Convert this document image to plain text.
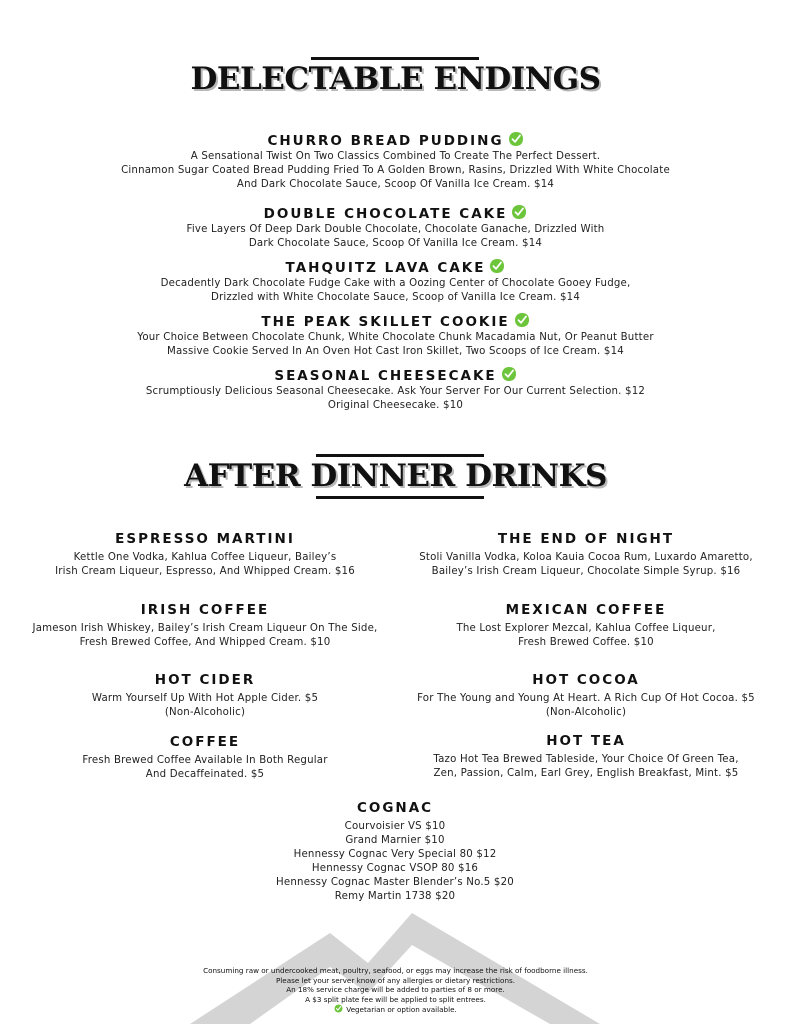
DELECTABLE ENDINGS
CHURRO BREAD PUDDING

A Sensational Twist On Two Classics Combined To Create The Perfect Dessert.

Cinnamon Sugar Coated Bread Pudding Fried To A Golden Brown, Rasins, Drizzled With White Chocolate

And Dark Chocolate Sauce, Scoop Of Vanilla Ice Cream. $14

DOUBLE CHOCOLATE CAKE

Five Layers Of Deep Dark Double Chocolate, Chocolate Ganache, Drizzled With

Dark Chocolate Sauce, Scoop Of Vanilla Ice Cream. $14

TAHQUITZ LAVA CAKE

Decadently Dark Chocolate Fudge Cake with a Oozing Center of Chocolate Gooey Fudge,

Drizzled with White Chocolate Sauce, Scoop of Vanilla Ice Cream. $14

THE PEAK SKILLET COOKIE

Your Choice Between Chocolate Chunk, White Chocolate Chunk Macadamia Nut, Or Peanut Butter

Massive Cookie Served In An Oven Hot Cast Iron Skillet, Two Scoops of Ice Cream. $14

SEASONAL CHEESECAKE

Scrumptiously Delicious Seasonal Cheesecake. Ask Your Server For Our Current Selection. $12

Original Cheesecake. $10

AFTER DINNER DRINKS
ESPRESSO MARTINI

Kettle One Vodka, Kahlua Coffee Liqueur, Bailey’s

Irish Cream Liqueur, Espresso, And Whipped Cream. $16

IRISH COFFEE

Jameson Irish Whiskey, Bailey’s Irish Cream Liqueur On The Side,

Fresh Brewed Coffee, And Whipped Cream. $10

HOT CIDER

Warm Yourself Up With Hot Apple Cider. $5

(Non-Alcoholic)

COFFEE

Fresh Brewed Coffee Available In Both Regular

And Decaffeinated. $5

THE END OF NIGHT

Stoli Vanilla Vodka, Koloa Kauia Cocoa Rum, Luxardo Amaretto,

Bailey’s Irish Cream Liqueur, Chocolate Simple Syrup. $16

MEXICAN COFFEE

The Lost Explorer Mezcal, Kahlua Coffee Liqueur,

Fresh Brewed Coffee. $10

HOT COCOA

For The Young and Young At Heart. A Rich Cup Of Hot Cocoa. $5

(Non-Alcoholic)

HOT TEA

Tazo Hot Tea Brewed Tableside, Your Choice Of Green Tea,

Zen, Passion, Calm, Earl Grey, English Breakfast, Mint. $5

COGNAC
Courvoisier VS $10
Grand Marnier $10
Hennessy Cognac Very Special 80 $12
Hennessy Cognac VSOP 80 $16
Hennessy Cognac Master Blender’s No.5 $20
Remy Martin 1738 $20
Consuming raw or undercooked meat, poultry, seafood, or eggs may increase the risk of foodborne illness.
Please let your server know of any allergies or dietary restrictions.
An 18% service charge will be added to parties of 8 or more.
A $3 split plate fee will be applied to split entrees.
Vegetarian or option available.
